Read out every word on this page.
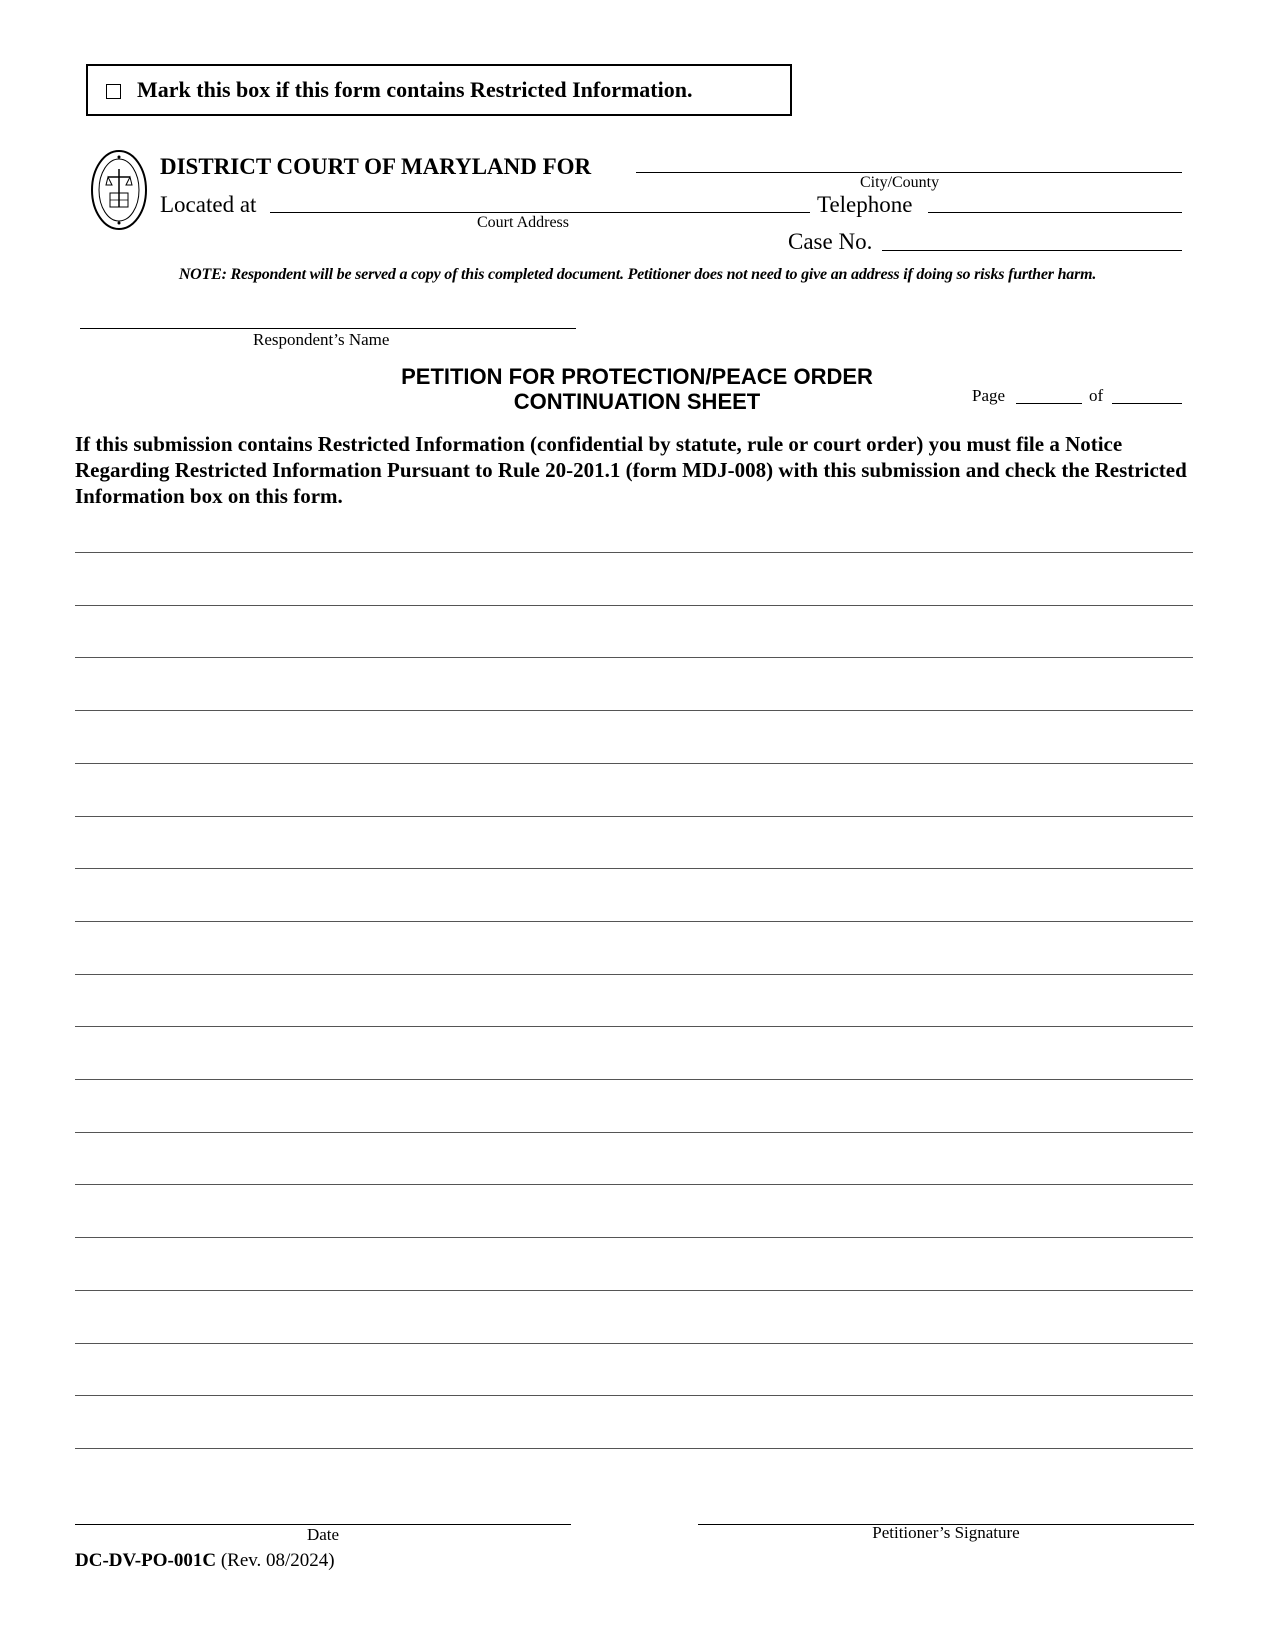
Mark this box if this form contains Restricted Information.
DISTRICT COURT OF MARYLAND FOR
City/County
Located at
Court Address
Telephone
Case No.
NOTE: Respondent will be served a copy of this completed document. Petitioner does not need to give an address if doing so risks further harm.
Respondent’s Name
PETITION FOR PROTECTION/PEACE ORDER
CONTINUATION SHEET	Page	of
If this submission contains Restricted Information (confidential by statute, rule or court order) you must file a Notice Regarding Restricted Information Pursuant to Rule 20-201.1 (form MDJ-008) with this submission and check the Restricted Information box on this form.
Date	Petitioner’s Signature
DC-DV-PO-001C (Rev. 08/2024)
